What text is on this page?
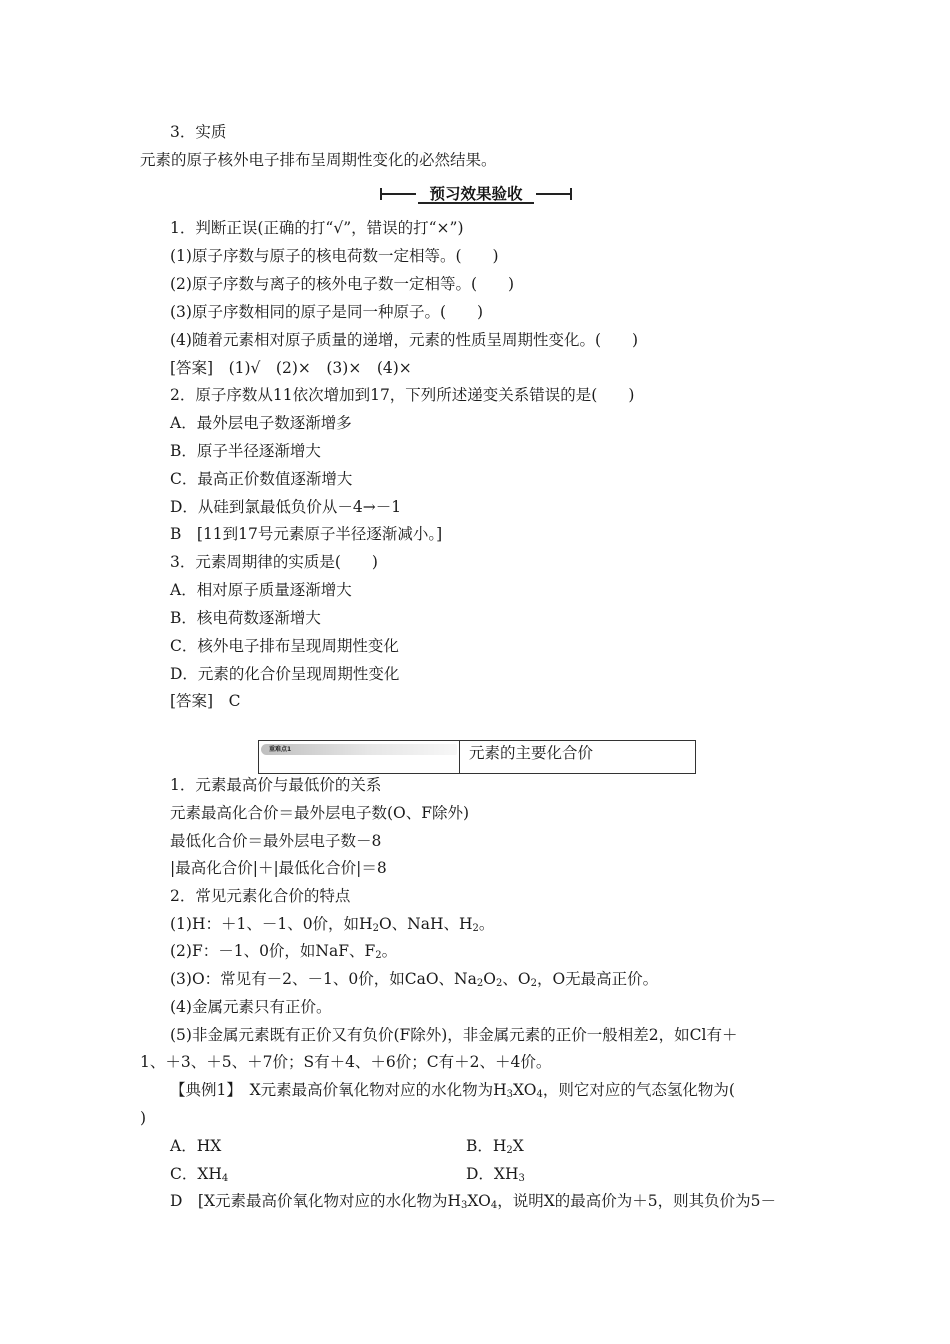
3．实质
元素的原子核外电子排布呈周期性变化的必然结果。
预习效果验收
1．判断正误(正确的打“√”，错误的打“×”)
(1)原子序数与原子的核电荷数一定相等。(　　)
(2)原子序数与离子的核外电子数一定相等。(　　)
(3)原子序数相同的原子是同一种原子。(　　)
(4)随着元素相对原子质量的递增，元素的性质呈周期性变化。(　　)
[答案]　(1)√　(2)×　(3)×　(4)×
2．原子序数从11依次增加到17，下列所述递变关系错误的是(　　)
A．最外层电子数逐渐增多
B．原子半径逐渐增大
C．最高正价数值逐渐增大
D．从硅到氯最低负价从－4→－1
B　[11到17号元素原子半径逐渐减小。]
3．元素周期律的实质是(　　)
A．相对原子质量逐渐增大
B．核电荷数逐渐增大
C．核外电子排布呈现周期性变化
D．元素的化合价呈现周期性变化
[答案]　C
重难点1	元素的主要化合价
1．元素最高价与最低价的关系
元素最高化合价＝最外层电子数(O、F除外)
最低化合价＝最外层电子数－8
|最高化合价|＋|最低化合价|＝8
2．常见元素化合价的特点
(1)H：＋1、－1、0价，如$H_2O$、NaH、$H_2$。
(2)F：－1、0价，如NaF、$F_2$。
(3)O：常见有－2、－1、0价，如CaO、$Na_2O_2$、$O_2$，O无最高正价。
(4)金属元素只有正价。
(5)非金属元素既有正价又有负价(F除外)，非金属元素的正价一般相差2，如Cl有＋
1、＋3、＋5、＋7价；S有＋4、＋6价；C有＋2、＋4价。
【典例1】　X元素最高价氧化物对应的水化物为$H_3XO_4$，则它对应的气态氢化物为(
)
A．HX	B．$H_2X$
C．$XH_4$	D．$XH_3$
D　[X元素最高价氧化物对应的水化物为$H_3XO_4$，说明X的最高价为＋5，则其负价为5－
